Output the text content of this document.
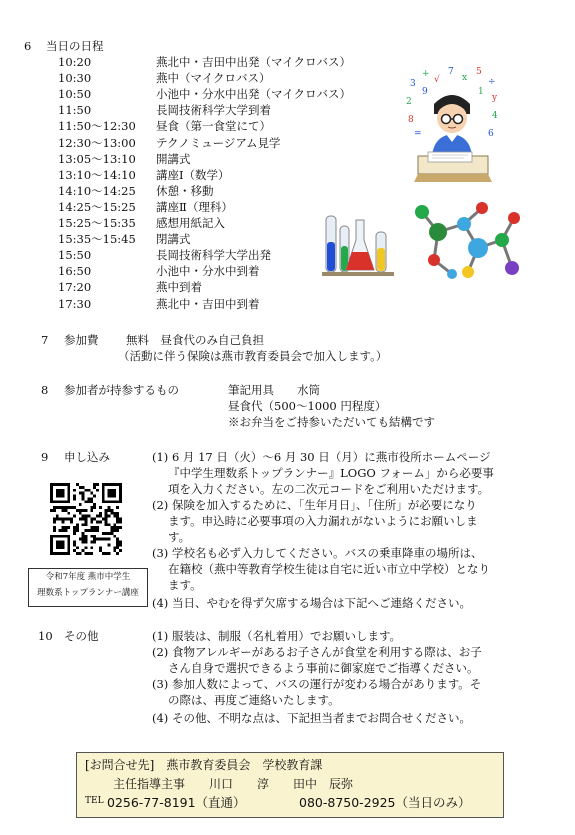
6 当日の日程
10:20	燕北中・吉田中出発（マイクロバス）
10:30	燕中（マイクロバス）
10:50	小池中・分水中出発（マイクロバス）
11:50	長岡技術科学大学到着
11:50～12:30 昼食（第一食堂にて）
12:30～13:00 テクノミュージアム見学
13:05～13:10 開講式
13:10～14:10 講座Ⅰ（数学）
14:10～14:25 休憩・移動
14:25～15:25 講座Ⅱ（理科）
15:25～15:35 感想用紙記入
15:35～15:45 閉講式
15:50	長岡技術科学大学出発
16:50	小池中・分水中到着
17:20	燕中到着
17:30	燕北中・吉田中到着
3
+
√
7
x
5
÷
2	y
8	4
=	6
9	1
7 参加費 無料　昼食代のみ自己負担
（活動に伴う保険は燕市教育委員会で加入します。）
8 参加者が持参するもの	筆記用具　　水筒
昼食代（500～1000 円程度）
※お弁当をご持参いただいても結構です
9 申し込み
令和7年度 燕市中学生
理数系トップランナー講座
(1) 6 月 17 日（火）～6 月 30 日（月）に燕市役所ホームページ
『中学生理数系トップランナー』LOGO フォーム」から必要事
項を入力ください。左の二次元コードをご利用いただけます。
(2) 保険を加入するために、「生年月日」、「住所」が必要になり
ます。申込時に必要事項の入力漏れがないようにお願いしま
す。
(3) 学校名も必ず入力してください。バスの乗車降車の場所は、
在籍校（燕中等教育学校生徒は自宅に近い市立中学校）となり
ます。
(4) 当日、やむを得ず欠席する場合は下記へご連絡ください。
10 その他	(1) 服装は、制服（名札着用）でお願いします。
(2) 食物アレルギーがあるお子さんが食堂を利用する際は、お子
さん自身で選択できるよう事前に御家庭でご指導ください。
(3) 参加人数によって、バスの運行が変わる場合があります。そ
の際は、再度ご連絡いたします。
(4) その他、不明な点は、下記担当者までお問合せください。
[お問合せ先]　燕市教育委員会　学校教育課
主任指導主事　　川口　　淳　　田中　辰弥
TEL 0256-77-8191（直通）	080-8750-2925（当日のみ）
